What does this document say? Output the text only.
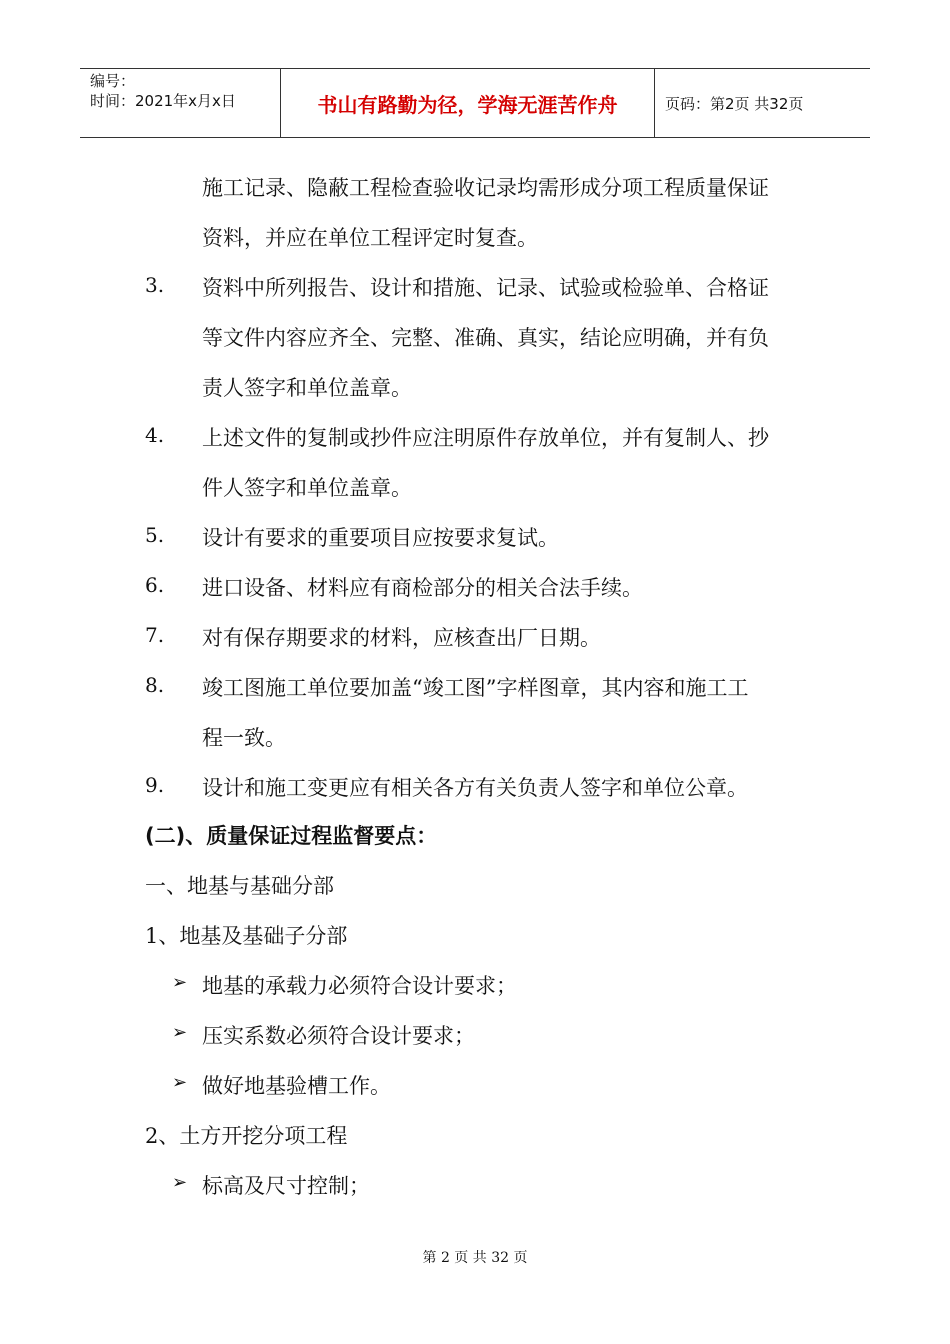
编号：
时间：2021年x月x日	书山有路勤为径，学海无涯苦作舟	页码：第2页 共32页
施工记录、隐蔽工程检查验收记录均需形成分项工程质量保证
资料，并应在单位工程评定时复查。
3. 资料中所列报告、设计和措施、记录、试验或检验单、合格证
等文件内容应齐全、完整、准确、真实，结论应明确，并有负
责人签字和单位盖章。
4. 上述文件的复制或抄件应注明原件存放单位，并有复制人、抄
件人签字和单位盖章。
5. 设计有要求的重要项目应按要求复试。
6. 进口设备、材料应有商检部分的相关合法手续。
7. 对有保存期要求的材料，应核查出厂日期。
8. 竣工图施工单位要加盖“竣工图”字样图章，其内容和施工工
程一致。
9. 设计和施工变更应有相关各方有关负责人签字和单位公章。
(二)、质量保证过程监督要点：
一、地基与基础分部
1、地基及基础子分部
➢ 地基的承载力必须符合设计要求；
➢ 压实系数必须符合设计要求；
➢ 做好地基验槽工作。
2、土方开挖分项工程
➢ 标高及尺寸控制；
第 2 页 共 32 页
